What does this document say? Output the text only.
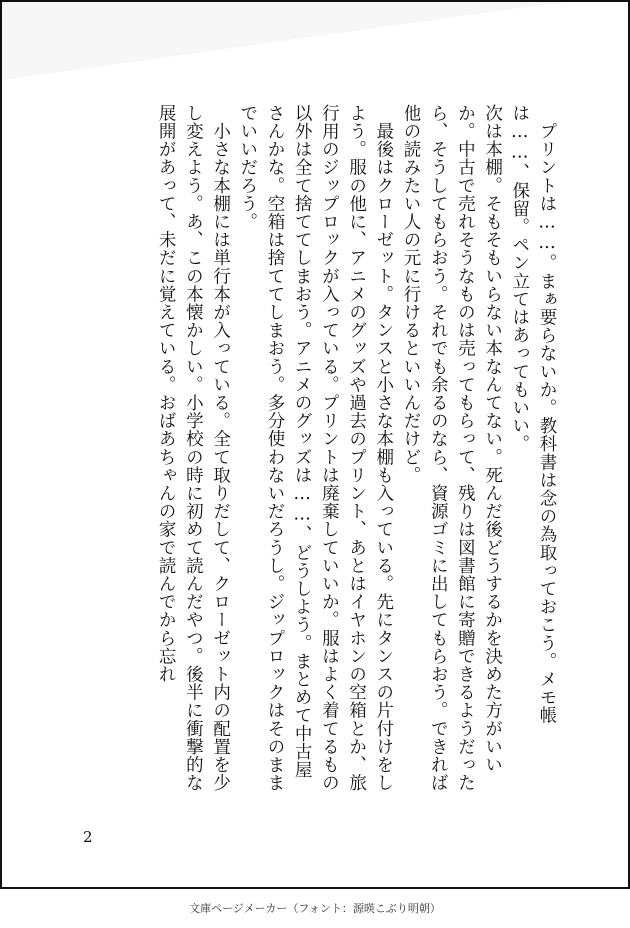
　プリントは……。まぁ要らないか。教科書は念の為取っておこう。メモ帳は……、保留。ペン立てはあってもいい。

次は本棚。そもそもいらない本なんてない。死んだ後どうするかを決めた方がいいか。中古で売れそうなものは売ってもらって、残りは図書館に寄贈できるようだったら、そうしてもらおう。それでも余るのなら、資源ゴミに出してもらおう。できれば他の読みたい人の元に行けるといいんだけど。

　最後はクローゼット。タンスと小さな本棚も入っている。先にタンスの片付けをしよう。服の他に、アニメのグッズや過去のプリント、あとはイヤホンの空箱とか、旅行用のジップロックが入っている。プリントは廃棄していいか。服はよく着てるもの以外は全て捨ててしまおう。アニメのグッズは……、どうしよう。まとめて中古屋さんかな。空箱は捨ててしまおう。多分使わないだろうし。ジップロックはそのままでいいだろう。

　小さな本棚には単行本が入っている。全て取りだして、クローゼット内の配置を少し変えよう。あ、この本懐かしい。小学校の時に初めて読んだやつ。後半に衝撃的な展開があって、未だに覚えている。おばあちゃんの家で読んでから忘れ

2
文庫ページメーカー（フォント：源暎こぶり明朝）
